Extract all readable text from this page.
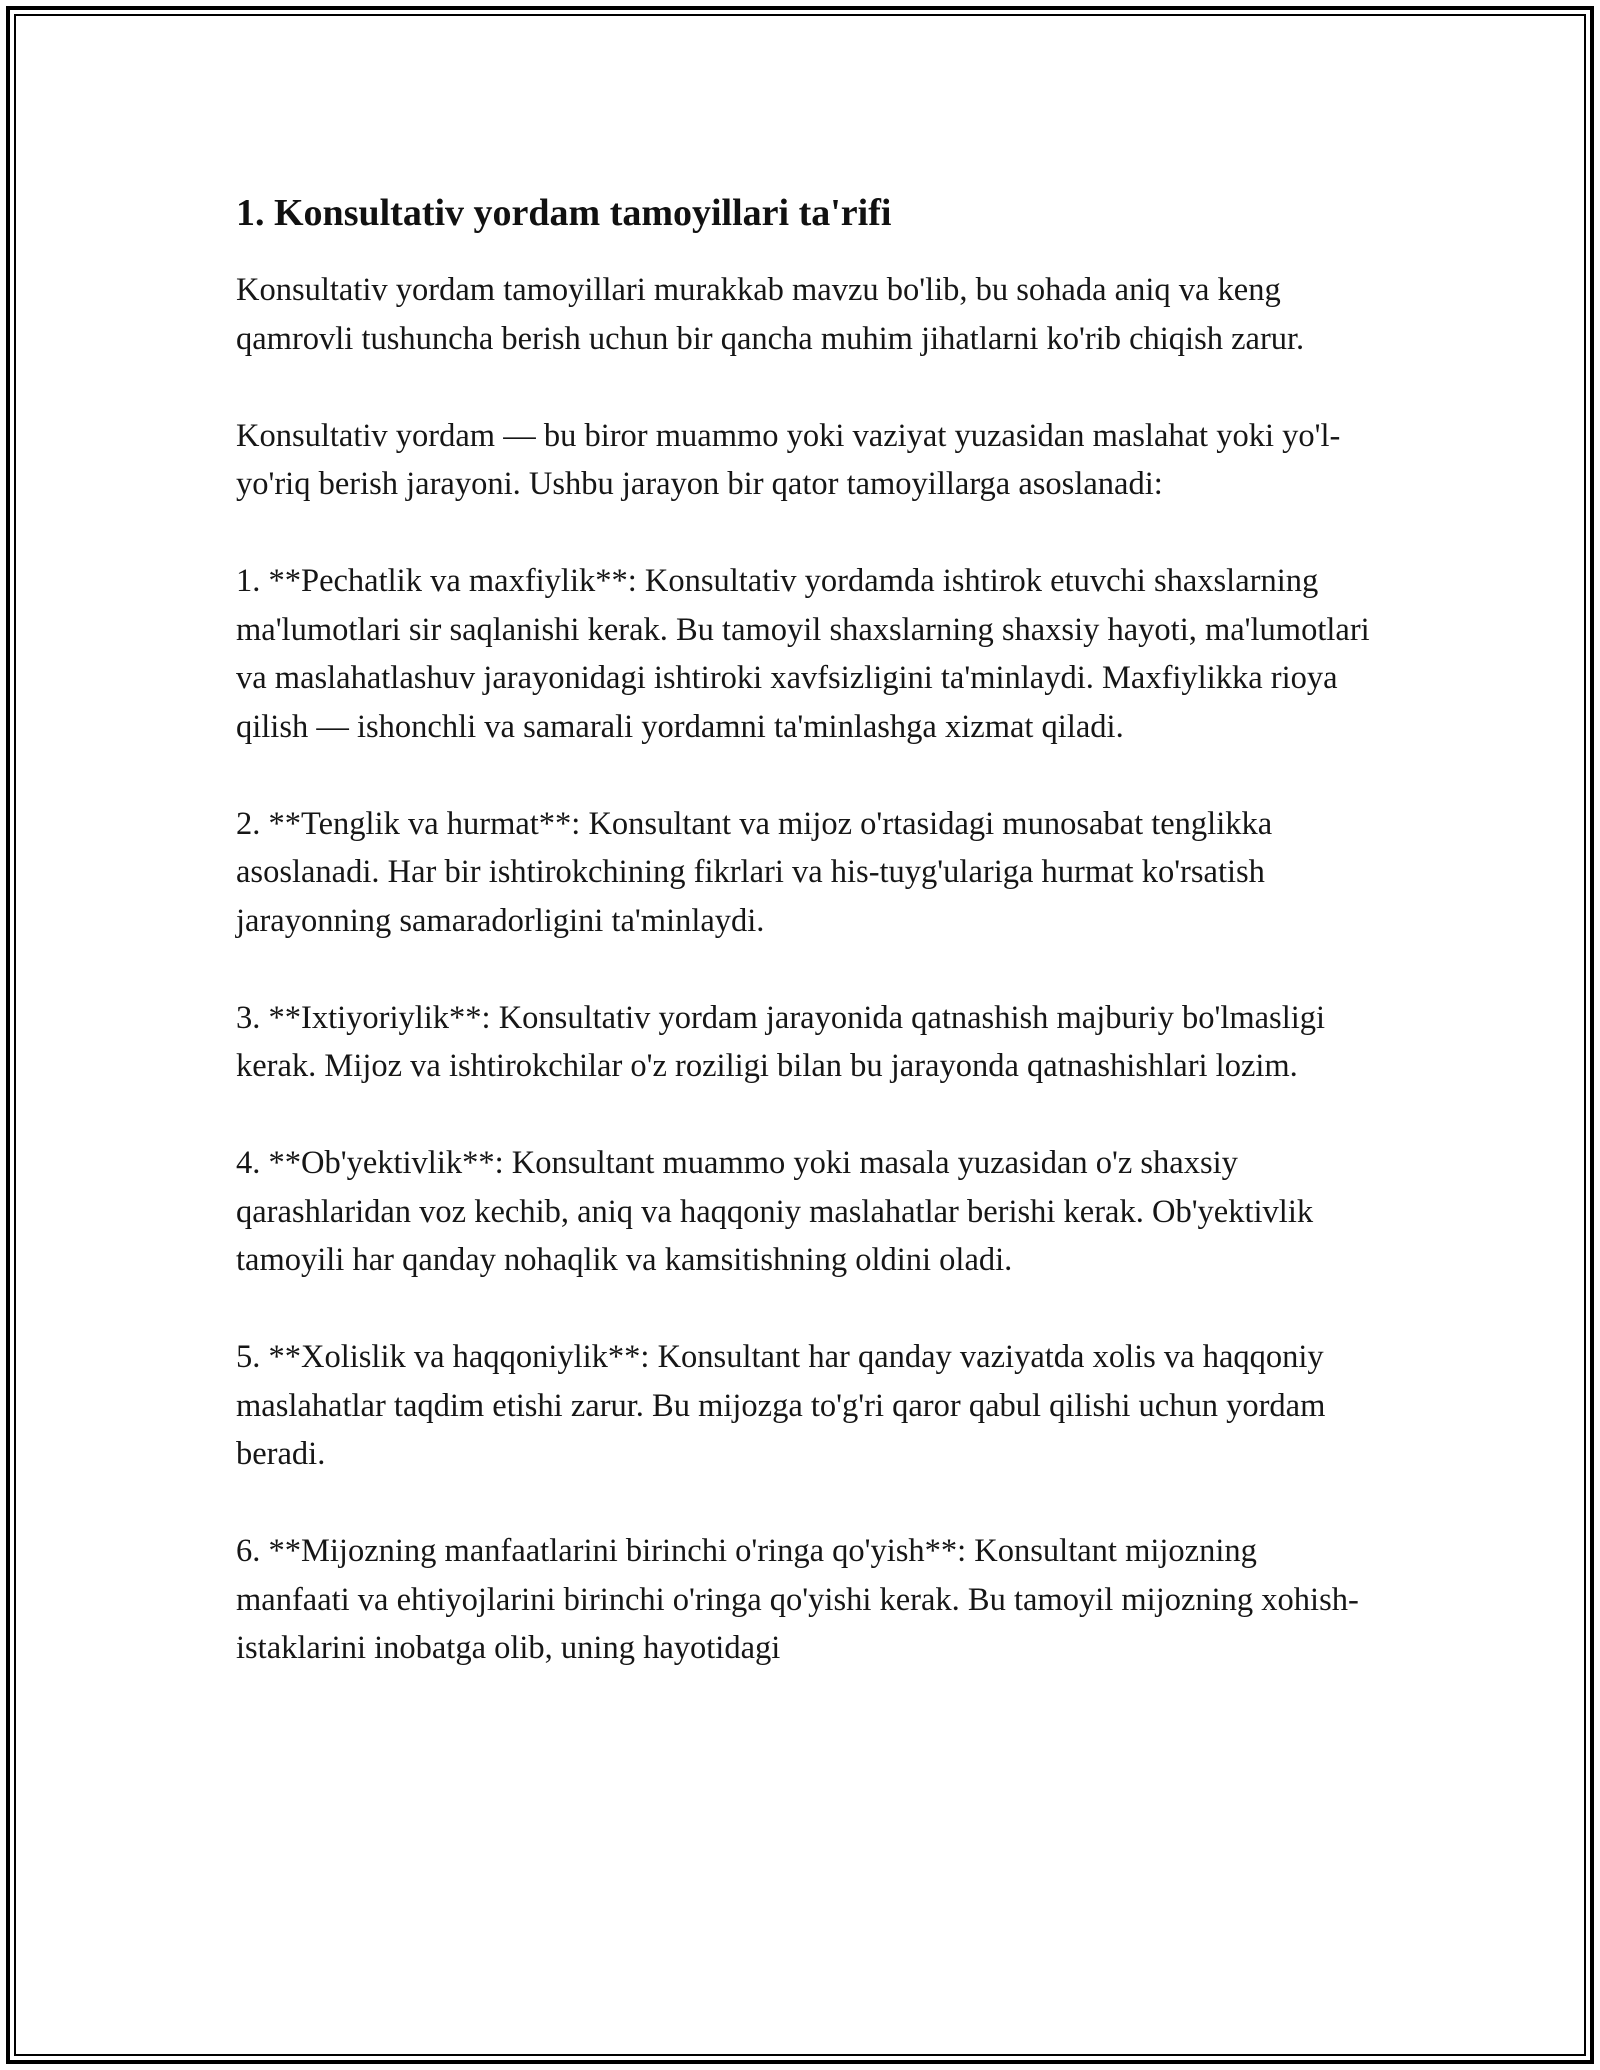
1. Konsultativ yordam tamoyillari ta'rifi

Konsultativ yordam tamoyillari murakkab mavzu bo'lib, bu sohada aniq va keng qamrovli tushuncha berish uchun bir qancha muhim jihatlarni ko'rib chiqish zarur.

Konsultativ yordam — bu biror muammo yoki vaziyat yuzasidan maslahat yoki yo'l-yo'riq berish jarayoni. Ushbu jarayon bir qator tamoyillarga asoslanadi:

1. **Pechatlik va maxfiylik**: Konsultativ yordamda ishtirok etuvchi shaxslarning ma'lumotlari sir saqlanishi kerak. Bu tamoyil shaxslarning shaxsiy hayoti, ma'lumotlari va maslahatlashuv jarayonidagi ishtiroki xavfsizligini ta'minlaydi. Maxfiylikka rioya qilish — ishonchli va samarali yordamni ta'minlashga xizmat qiladi.

2. **Tenglik va hurmat**: Konsultant va mijoz o'rtasidagi munosabat tenglikka asoslanadi. Har bir ishtirokchining fikrlari va his-tuyg'ulariga hurmat ko'rsatish jarayonning samaradorligini ta'minlaydi.

3. **Ixtiyoriylik**: Konsultativ yordam jarayonida qatnashish majburiy bo'lmasligi kerak. Mijoz va ishtirokchilar o'z roziligi bilan bu jarayonda qatnashishlari lozim.

4. **Ob'yektivlik**: Konsultant muammo yoki masala yuzasidan o'z shaxsiy qarashlaridan voz kechib, aniq va haqqoniy maslahatlar berishi kerak. Ob'yektivlik tamoyili har qanday nohaqlik va kamsitishning oldini oladi.

5. **Xolislik va haqqoniylik**: Konsultant har qanday vaziyatda xolis va haqqoniy maslahatlar taqdim etishi zarur. Bu mijozga to'g'ri qaror qabul qilishi uchun yordam beradi.

6. **Mijozning manfaatlarini birinchi o'ringa qo'yish**: Konsultant mijozning manfaati va ehtiyojlarini birinchi o'ringa qo'yishi kerak. Bu tamoyil mijozning xohish-istaklarini inobatga olib, uning hayotidagi
